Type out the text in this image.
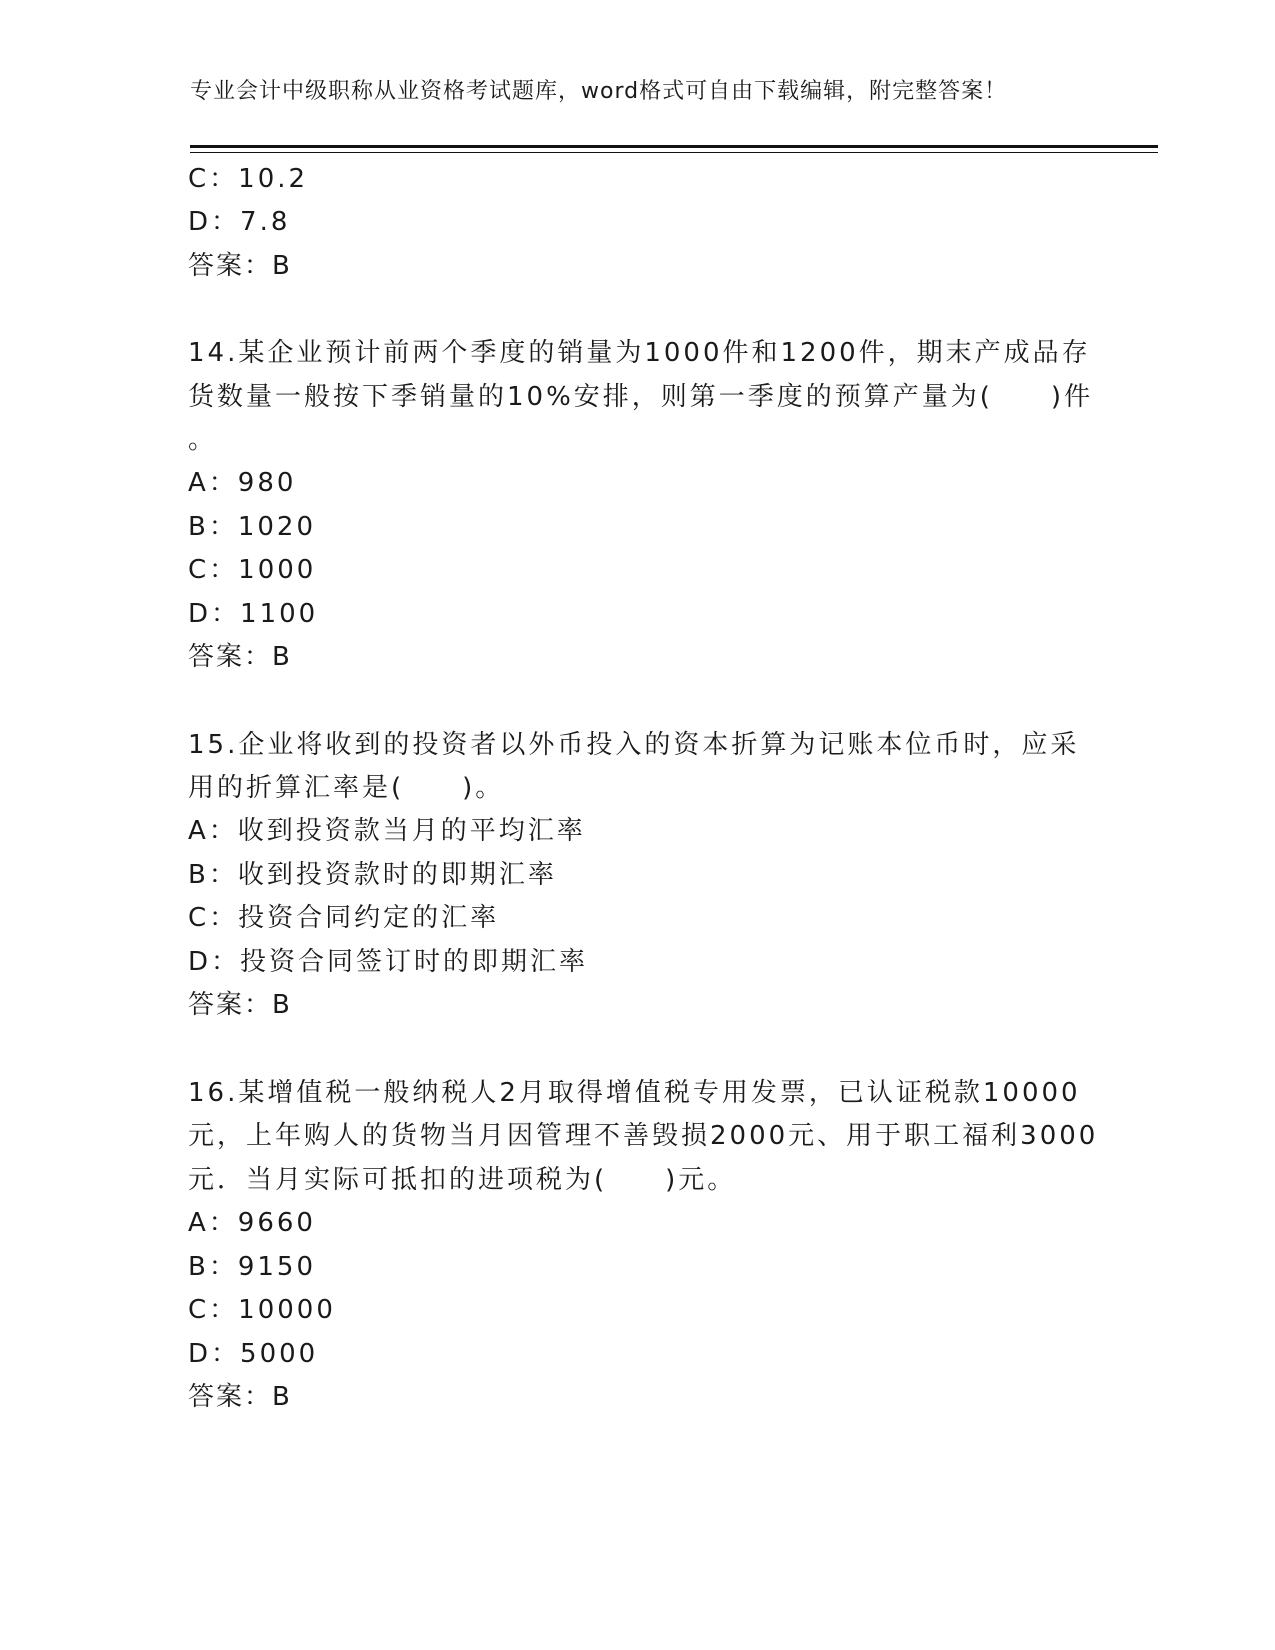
专业会计中级职称从业资格考试题库，word格式可自由下载编辑，附完整答案！
C：10.2
D：7.8
答案：B
14.某企业预计前两个季度的销量为1000件和1200件，期末产成品存
货数量一般按下季销量的10%安排，则第一季度的预算产量为(　　)件
。
A：980
B：1020
C：1000
D：1100
答案：B
15.企业将收到的投资者以外币投入的资本折算为记账本位币时，应采
用的折算汇率是(　　)。
A：收到投资款当月的平均汇率
B：收到投资款时的即期汇率
C：投资合同约定的汇率
D：投资合同签订时的即期汇率
答案：B
16.某增值税一般纳税人2月取得增值税专用发票，已认证税款10000
元，上年购人的货物当月因管理不善毁损2000元、用于职工福利3000
元．当月实际可抵扣的进项税为(　　)元。
A：9660
B：9150
C：10000
D：5000
答案：B
